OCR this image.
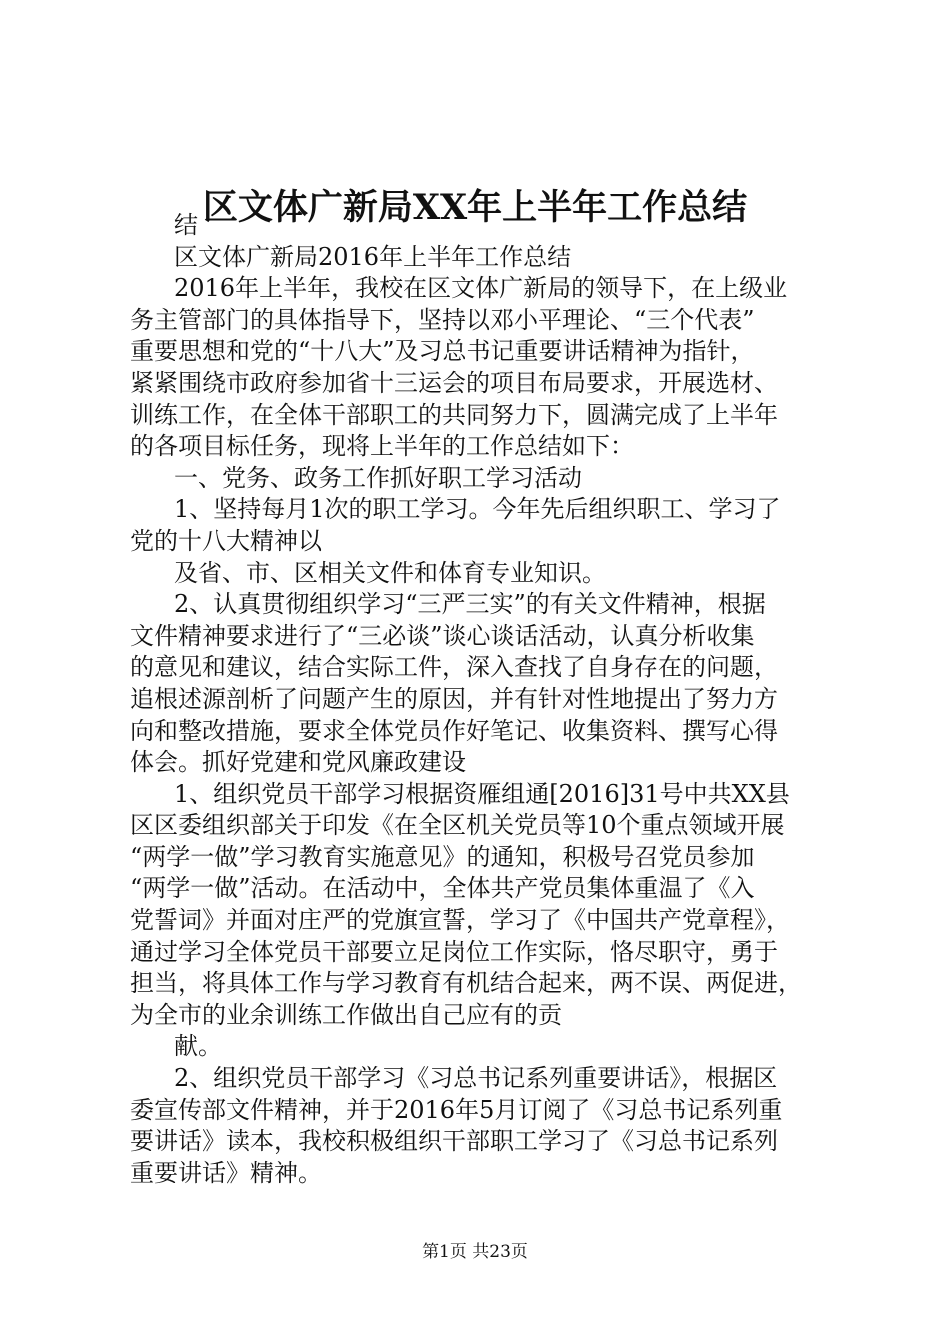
区文体广新局XX年上半年工作总结
结
区文体广新局2016年上半年工作总结
2016年上半年，我校在区文体广新局的领导下，在上级业
务主管部门的具体指导下，坚持以邓小平理论、“三个代表”
重要思想和党的“十八大”及习总书记重要讲话精神为指针，
紧紧围绕市政府参加省十三运会的项目布局要求，开展选材、
训练工作，在全体干部职工的共同努力下，圆满完成了上半年
的各项目标任务，现将上半年的工作总结如下：
一、党务、政务工作抓好职工学习活动
1、坚持每月1次的职工学习。今年先后组织职工、学习了
党的十八大精神以
及省、市、区相关文件和体育专业知识。
2、认真贯彻组织学习“三严三实”的有关文件精神，根据
文件精神要求进行了“三必谈”谈心谈话活动，认真分析收集
的意见和建议，结合实际工件，深入查找了自身存在的问题，
追根述源剖析了问题产生的原因，并有针对性地提出了努力方
向和整改措施，要求全体党员作好笔记、收集资料、撰写心得
体会。抓好党建和党风廉政建设
1、组织党员干部学习根据资雁组通[2016]31号中共XX县
区区委组织部关于印发《在全区机关党员等10个重点领域开展
“两学一做”学习教育实施意见》的通知，积极号召党员参加
“两学一做”活动。在活动中，全体共产党员集体重温了《入
党誓词》并面对庄严的党旗宣誓，学习了《中国共产党章程》，
通过学习全体党员干部要立足岗位工作实际，恪尽职守，勇于
担当，将具体工作与学习教育有机结合起来，两不误、两促进，
为全市的业余训练工作做出自己应有的贡
献。
2、组织党员干部学习《习总书记系列重要讲话》，根据区
委宣传部文件精神，并于2016年5月订阅了《习总书记系列重
要讲话》读本，我校积极组织干部职工学习了《习总书记系列
重要讲话》精神。
第1页 共23页
